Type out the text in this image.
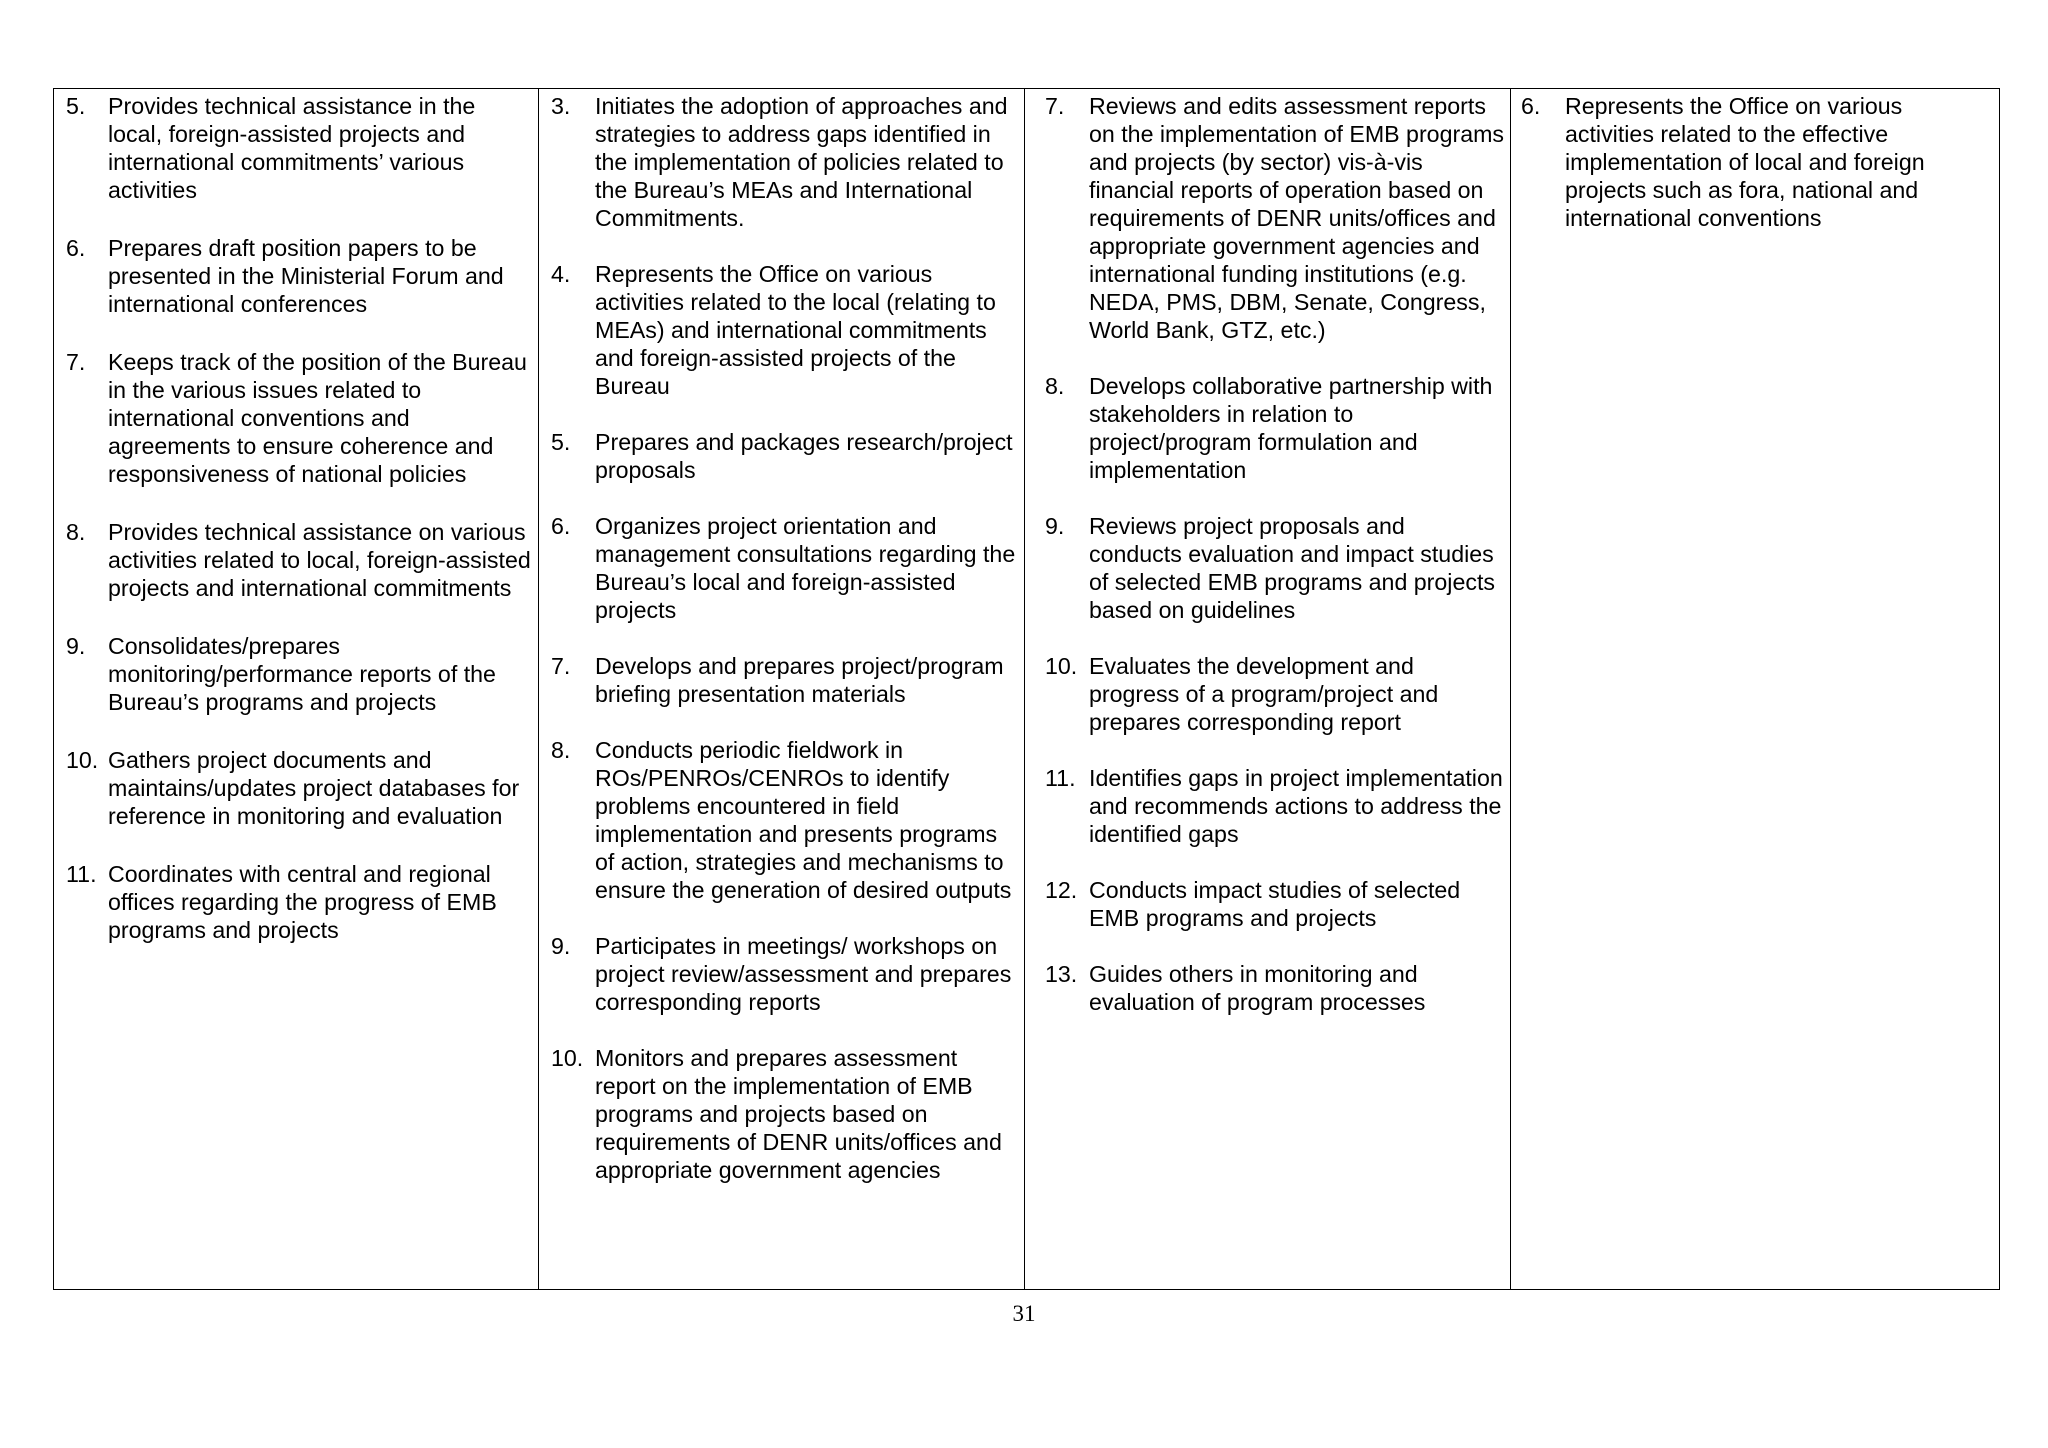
5. Provides technical assistance in the local, foreign-assisted projects and international commitments’ various activities
6. Prepares draft position papers to be presented in the Ministerial Forum and international conferences
7. Keeps track of the position of the Bureau in the various issues related to international conventions and agreements to ensure coherence and responsiveness of national policies
8. Provides technical assistance on various activities related to local, foreign-assisted projects and international commitments
9. Consolidates/prepares monitoring/performance reports of the Bureau’s programs and projects
10. Gathers project documents and maintains/updates project databases for reference in monitoring and evaluation
11. Coordinates with central and regional offices regarding the progress of EMB programs and projects

3.	Initiates the adoption of approaches and strategies to address gaps identified in the implementation of policies related to the Bureau’s MEAs and International Commitments.
4.	Represents the Office on various activities related to the local (relating to MEAs) and international commitments and foreign-assisted projects of the Bureau
5.	Prepares and packages research/project proposals
6.	Organizes project orientation and management consultations regarding the Bureau’s local and foreign-assisted projects
7.	Develops and prepares project/program briefing presentation materials
8.	Conducts periodic fieldwork in ROs/PENROs/CENROs to identify problems encountered in field implementation and presents programs of action, strategies and mechanisms to ensure the generation of desired outputs
9.	Participates in meetings/ workshops on project review/assessment and prepares corresponding reports
10. Monitors and prepares assessment report on the implementation of EMB programs and projects based on requirements of DENR units/offices and appropriate government agencies

7.	Reviews and edits assessment reports on the implementation of EMB programs and projects (by sector) vis-à-vis financial reports of operation based on requirements of DENR units/offices and appropriate government agencies and international funding institutions (e.g. NEDA, PMS, DBM, Senate, Congress, World Bank, GTZ, etc.)
8.	Develops collaborative partnership with stakeholders in relation to project/program formulation and implementation
9.	Reviews project proposals and conducts evaluation and impact studies of selected EMB programs and projects based on guidelines
10. Evaluates the development and progress of a program/project and prepares corresponding report
11. Identifies gaps in project implementation and recommends actions to address the identified gaps
12. Conducts impact studies of selected EMB programs and projects
13. Guides others in monitoring and evaluation of program processes

6.	Represents the Office on various activities related to the effective implementation of local and foreign projects such as fora, national and international conventions
31
